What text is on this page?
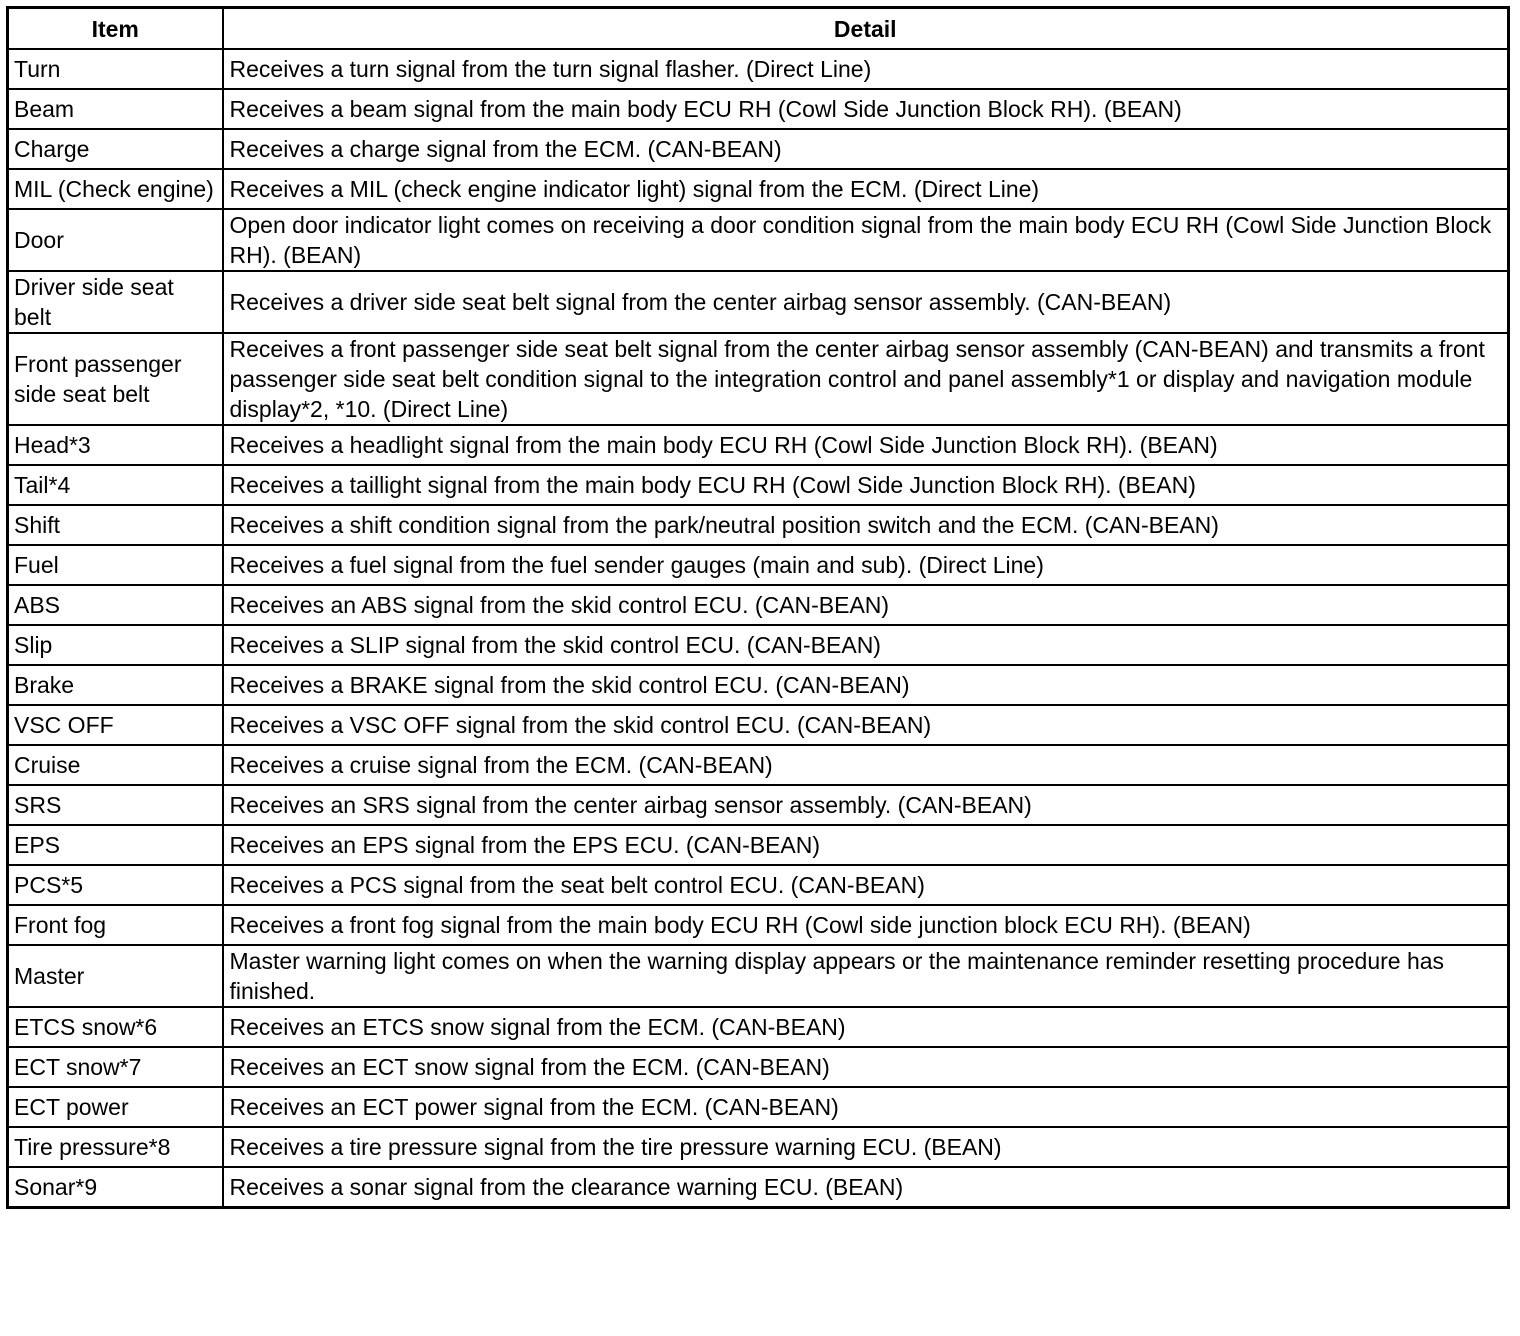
Item	Detail
Turn	Receives a turn signal from the turn signal flasher. (Direct Line)
Beam	Receives a beam signal from the main body ECU RH (Cowl Side Junction Block RH). (BEAN)
Charge	Receives a charge signal from the ECM. (CAN-BEAN)
MIL (Check engine)	Receives a MIL (check engine indicator light) signal from the ECM. (Direct Line)
Door	Open door indicator light comes on receiving a door condition signal from the main body ECU RH (Cowl Side Junction Block RH). (BEAN)
Driver side seat belt	Receives a driver side seat belt signal from the center airbag sensor assembly. (CAN-BEAN)
Front passenger side seat belt	Receives a front passenger side seat belt signal from the center airbag sensor assembly (CAN-BEAN) and transmits a front passenger side seat belt condition signal to the integration control and panel assembly*1 or display and navigation module display*2, *10. (Direct Line)
Head*3	Receives a headlight signal from the main body ECU RH (Cowl Side Junction Block RH). (BEAN)
Tail*4	Receives a taillight signal from the main body ECU RH (Cowl Side Junction Block RH). (BEAN)
Shift	Receives a shift condition signal from the park/neutral position switch and the ECM. (CAN-BEAN)
Fuel	Receives a fuel signal from the fuel sender gauges (main and sub). (Direct Line)
ABS	Receives an ABS signal from the skid control ECU. (CAN-BEAN)
Slip	Receives a SLIP signal from the skid control ECU. (CAN-BEAN)
Brake	Receives a BRAKE signal from the skid control ECU. (CAN-BEAN)
VSC OFF	Receives a VSC OFF signal from the skid control ECU. (CAN-BEAN)
Cruise	Receives a cruise signal from the ECM. (CAN-BEAN)
SRS	Receives an SRS signal from the center airbag sensor assembly. (CAN-BEAN)
EPS	Receives an EPS signal from the EPS ECU. (CAN-BEAN)
PCS*5	Receives a PCS signal from the seat belt control ECU. (CAN-BEAN)
Front fog	Receives a front fog signal from the main body ECU RH (Cowl side junction block ECU RH). (BEAN)
Master	Master warning light comes on when the warning display appears or the maintenance reminder resetting procedure has finished.
ETCS snow*6	Receives an ETCS snow signal from the ECM. (CAN-BEAN)
ECT snow*7	Receives an ECT snow signal from the ECM. (CAN-BEAN)
ECT power	Receives an ECT power signal from the ECM. (CAN-BEAN)
Tire pressure*8	Receives a tire pressure signal from the tire pressure warning ECU. (BEAN)
Sonar*9	Receives a sonar signal from the clearance warning ECU. (BEAN)
